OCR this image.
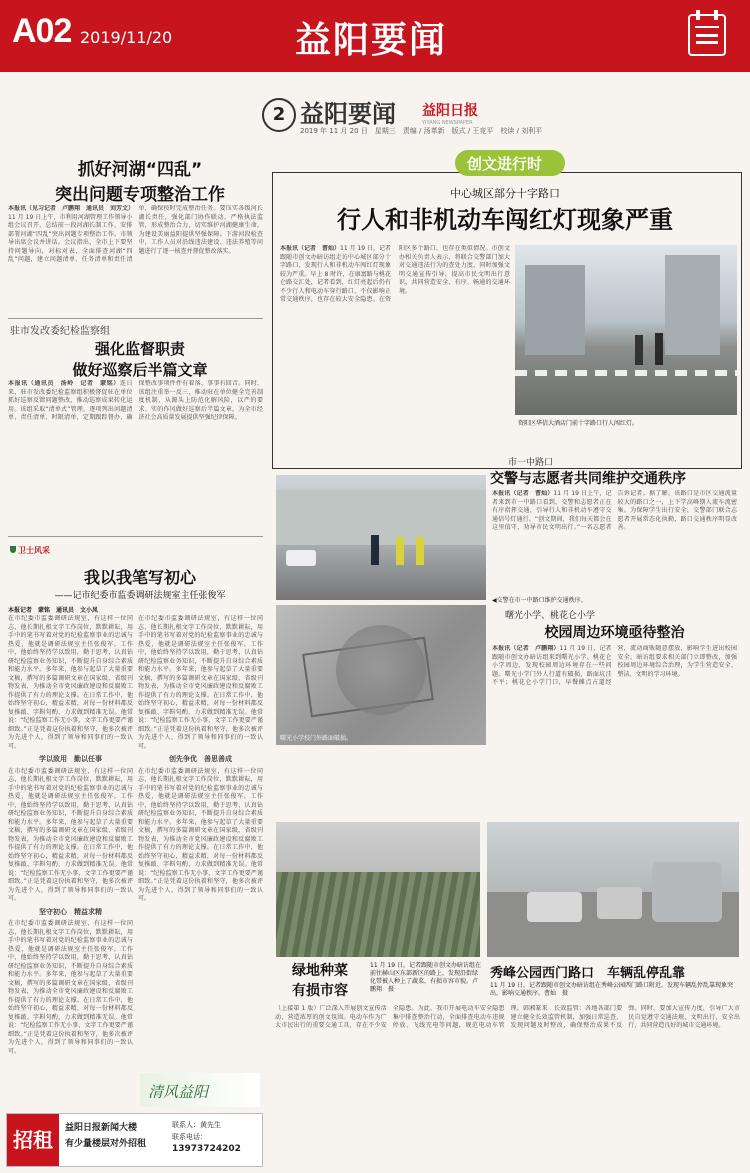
A02 2019/11/20	益阳要闻
2 益阳要闻 益阳日报
YIYANG NEWSPAPER
2019 年 11 月 20 日　星期三　责编 / 汤革新　版式 / 王竞平　校读 / 刘利平
抓好河湖“四乱”
突出问题专项整治工作
本报讯（见习记者　卢鹏翔　通讯员　刘芳文）11 月 19 日上午，市利用河湖管理工作领导小组会议召开，总结前一段河湖长制工作，安排部署河湖“四乱”突出问题专项整治工作。市领导出席会议并讲话。会议指出，全市上下要坚持问题导向，对标对表，全面排查河湖“四乱”问题，建立问题清单、任务清单和责任清单，确保按时完成整治任务。要压实各级河长湖长责任，强化部门协作联动，严格执法监管，形成整治合力，切实维护河湖健康生命，为建设美丽益阳提供坚强保障。下游河段检查中，工作人员对沿线违法建设、违法养殖等问题进行了逐一核查并督促整改落实。
驻市发改委纪检监察组
强化监督职责
做好巡察后半篇文章
本报讯（通讯员　汤岭　记者　蒙铭）连日来，驻市发改委纪检监察组积极督促驻在单位抓好巡察反馈问题整改，推动巡察成果转化运用。该组采取“清单式”管理，逐项列出问题清单、责任清单、时限清单，定期跟踪督办，确保整改事项件件有着落、事事有回音。同时，该组注重举一反三，推动驻在单位健全完善制度机制，从源头上防范化解风险，以严的要求、实的作风做好巡察后半篇文章，为全市经济社会高质量发展提供坚强纪律保障。
卫士风采
我以我笔写初心
——记市纪委市监委调研法规室主任张俊军
本报记者　蒙铭　通讯员　文小凤
在市纪委市监委调研法规室，有这样一位同志，他长期扎根文字工作岗位，默默耕耘，用手中的笔书写着对党的纪检监察事业的忠诚与热爱，他就是调研法规室主任张俊军。工作中，他始终坚持学以致用，勤于思考，认真钻研纪检监察业务知识，不断提升自身综合素质和能力水平。多年来，他参与起草了大量重要文稿，撰写的多篇调研文章在国家级、省级刊物发表，为推动全市党风廉政建设和反腐败工作提供了有力的理论支撑。在日常工作中，他始终坚守初心，精益求精，对每一份材料都反复推敲、字斟句酌，力求做到精准无误。他常说：“纪检监察工作无小事，文字工作更要严谨细致。”正是凭着这份执着和坚守，他多次被评为先进个人，得到了领导和同事们的一致认可。
学以致用　勤以任事
在市纪委市监委调研法规室，有这样一位同志，他长期扎根文字工作岗位，默默耕耘，用手中的笔书写着对党的纪检监察事业的忠诚与热爱，他就是调研法规室主任张俊军。工作中，他始终坚持学以致用，勤于思考，认真钻研纪检监察业务知识，不断提升自身综合素质和能力水平。多年来，他参与起草了大量重要文稿，撰写的多篇调研文章在国家级、省级刊物发表，为推动全市党风廉政建设和反腐败工作提供了有力的理论支撑。在日常工作中，他始终坚守初心，精益求精，对每一份材料都反复推敲、字斟句酌，力求做到精准无误。他常说：“纪检监察工作无小事，文字工作更要严谨细致。”正是凭着这份执着和坚守，他多次被评为先进个人，得到了领导和同事们的一致认可。
坚守初心　精益求精
在市纪委市监委调研法规室，有这样一位同志，他长期扎根文字工作岗位，默默耕耘，用手中的笔书写着对党的纪检监察事业的忠诚与热爱，他就是调研法规室主任张俊军。工作中，他始终坚持学以致用，勤于思考，认真钻研纪检监察业务知识，不断提升自身综合素质和能力水平。多年来，他参与起草了大量重要文稿，撰写的多篇调研文章在国家级、省级刊物发表，为推动全市党风廉政建设和反腐败工作提供了有力的理论支撑。在日常工作中，他始终坚守初心，精益求精，对每一份材料都反复推敲、字斟句酌，力求做到精准无误。他常说：“纪检监察工作无小事，文字工作更要严谨细致。”正是凭着这份执着和坚守，他多次被评为先进个人，得到了领导和同事们的一致认可。
在市纪委市监委调研法规室，有这样一位同志，他长期扎根文字工作岗位，默默耕耘，用手中的笔书写着对党的纪检监察事业的忠诚与热爱，他就是调研法规室主任张俊军。工作中，他始终坚持学以致用，勤于思考，认真钻研纪检监察业务知识，不断提升自身综合素质和能力水平。多年来，他参与起草了大量重要文稿，撰写的多篇调研文章在国家级、省级刊物发表，为推动全市党风廉政建设和反腐败工作提供了有力的理论支撑。在日常工作中，他始终坚守初心，精益求精，对每一份材料都反复推敲、字斟句酌，力求做到精准无误。他常说：“纪检监察工作无小事，文字工作更要严谨细致。”正是凭着这份执着和坚守，他多次被评为先进个人，得到了领导和同事们的一致认可。
创先争优　善思善成
在市纪委市监委调研法规室，有这样一位同志，他长期扎根文字工作岗位，默默耕耘，用手中的笔书写着对党的纪检监察事业的忠诚与热爱，他就是调研法规室主任张俊军。工作中，他始终坚持学以致用，勤于思考，认真钻研纪检监察业务知识，不断提升自身综合素质和能力水平。多年来，他参与起草了大量重要文稿，撰写的多篇调研文章在国家级、省级刊物发表，为推动全市党风廉政建设和反腐败工作提供了有力的理论支撑。在日常工作中，他始终坚守初心，精益求精，对每一份材料都反复推敲、字斟句酌，力求做到精准无误。他常说：“纪检监察工作无小事，文字工作更要严谨细致。”正是凭着这份执着和坚守，他多次被评为先进个人，得到了领导和同事们的一致认可。
清风益阳
招租	益阳日报新闻大楼
有少量楼层对外招租
联系人：黄先生
联系电话：
13973724202
创文进行时
中心城区部分十字路口
行人和非机动车闯红灯现象严重
本报讯（记者　曹灿）11 月 19 日，记者跟随市创文办暗访组走访中心城区部分十字路口，发现行人和非机动车闯红灯现象较为严重。早上 8 时许，在康富路与桃花仑路交汇处，记者看到，红灯亮起后仍有不少行人和电动车穿行路口，不仅影响正常交通秩序，也存在较大安全隐患。在资阳区多个路口，也存在类似情况。市创文办相关负责人表示，将联合交警部门加大对交通违法行为的查处力度，同时加强文明交通宣传引导，提高市民文明出行意识，共同营造安全、有序、畅通的交通环境。
资阳区华信大酒店门前十字路口行人闯红灯。
◀交警在市一中路口维护交通秩序。
市一中路口
交警与志愿者共同维护交通秩序
本报讯（记者　曹灿）11 月 19 日上午，记者来到市一中路口看到，交警和志愿者正在有序指挥交通，引导行人和非机动车遵守交通信号灯通行。“创文期间，我们每天都会在这里值守，劝导市民文明出行。”一名志愿者告诉记者。据了解，该路口是市区交通流量较大的路口之一，上下学高峰期人流车流密集。为保障学生出行安全，交警部门联合志愿者开展常态化执勤，路口交通秩序明显改善。
曙光小学校门外路面破损。
曙光小学、桃花仑小学
校园周边环境亟待整治
本报讯（记者　卢鹏翔）11 月 19 日，记者跟随市创文办暗访组来到曙光小学、桃花仑小学周边，发现校园周边环境存在一些问题。曙光小学门外人行道有破损，路面坑洼不平；桃花仑小学门口，早餐摊点占道经营，流动商贩随意摆放，影响学生进出校园安全。暗访组要求相关部门立即整改，加强校园周边环境综合治理，为学生营造安全、整洁、文明的学习环境。
绿地种菜
有损市容
11 月 19 日，记者跟随市创文办暗访组在前往赫山区东部新区的路上，发现沿街绿化带被人种上了蔬菜，有损市容市貌。卢鹏翔　摄
秀峰公园西门路口　 车辆乱停乱靠
11 月 19 日，记者跟随市创文办暗访组在秀峰公园西门路口附近，发现车辆乱停乱靠现象突出，影响交通秩序。曹灿　摄
（上接第 1 版）广泛深入开展创文宣传活动，营造浓厚的创文氛围。电动车作为广大市民出行的重要交通工具，存在不少安全隐患。为此，我市开展电动车安全隐患集中排查整治行动，全面排查电动车违规停放、飞线充电等问题，规范电动车管理。韩湘篆来　长效监管：各地各部门要建立健全长效监管机制，加强日常巡查，发现问题及时整改，确保整治成果不反弹。同时，要加大宣传力度，引导广大市民自觉遵守交通法规，文明出行，安全出行，共同营造良好的城市交通环境。
